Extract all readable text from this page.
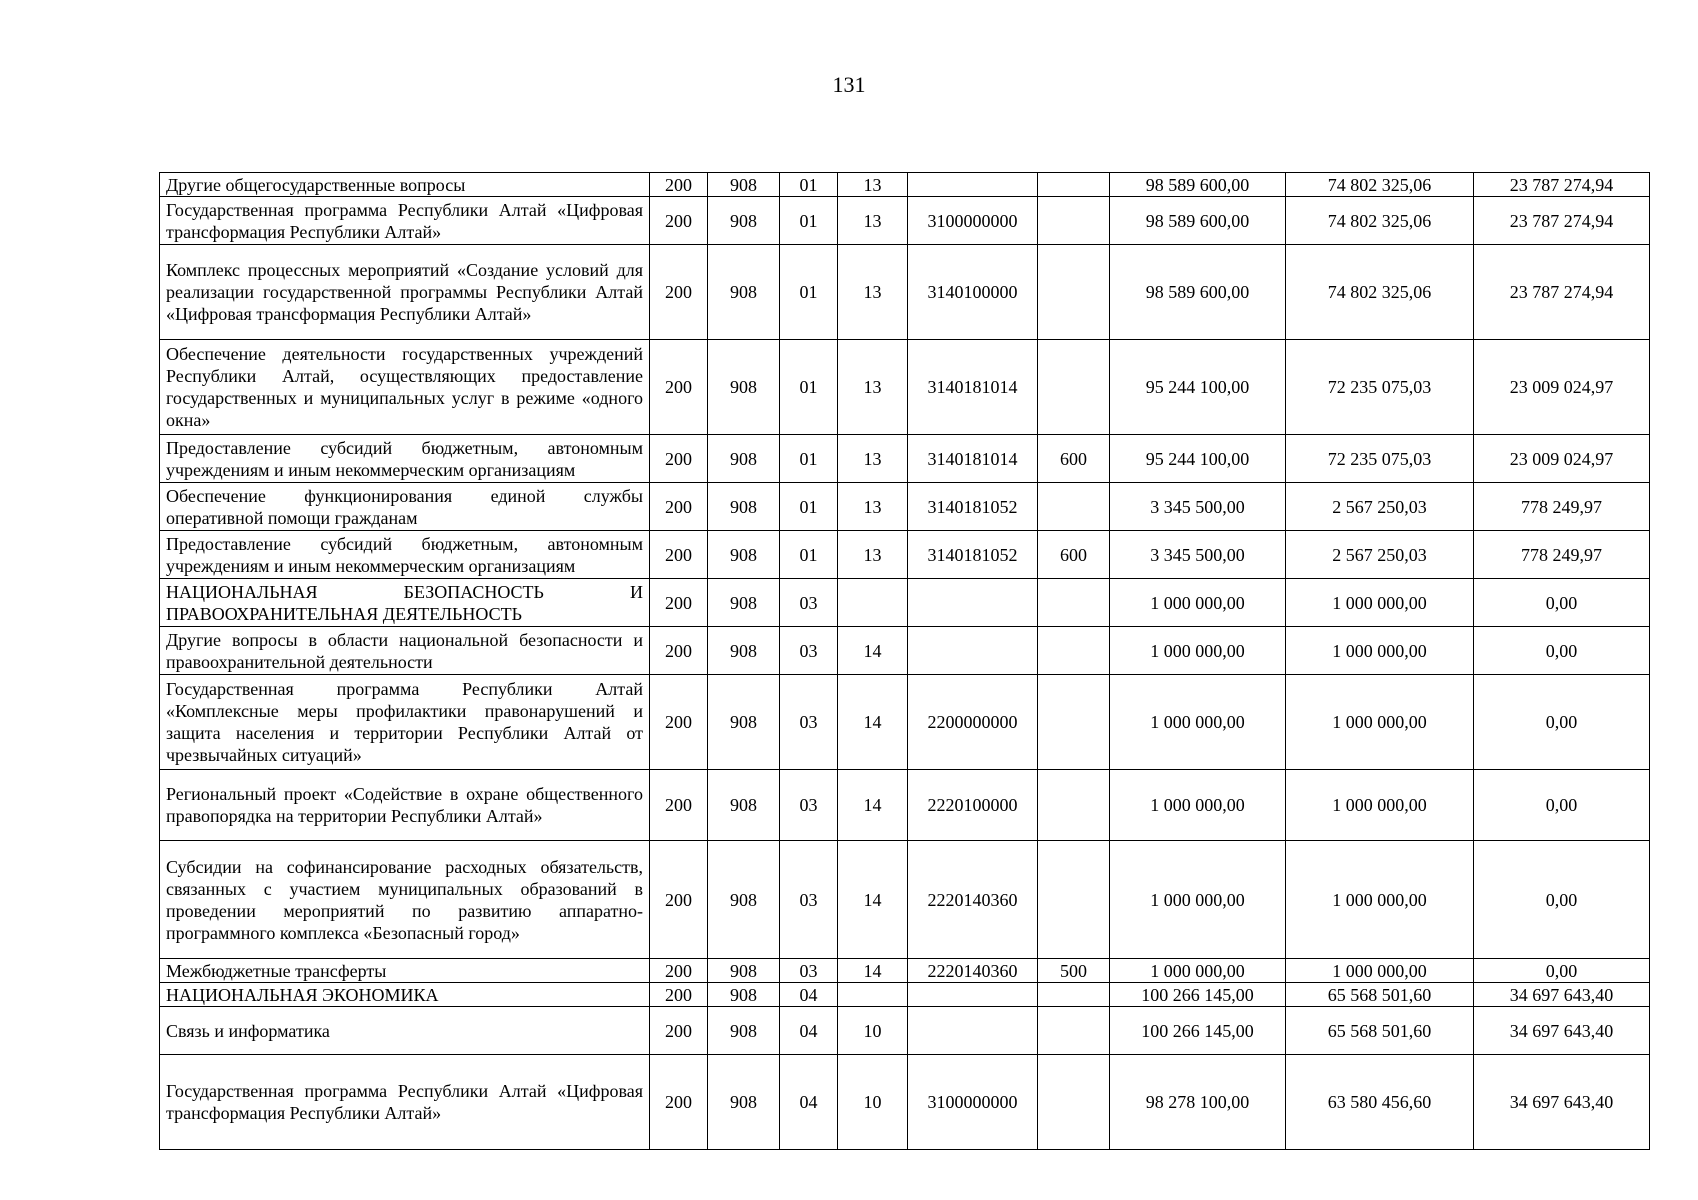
131
Другие общегосударственные вопросы	200	908	01	13			98 589 600,00	74 802 325,06	23 787 274,94
Государственная программа Республики Алтай «Цифровая трансформация Республики Алтай»	200	908	01	13	3100000000		98 589 600,00	74 802 325,06	23 787 274,94
Комплекс процессных мероприятий «Создание условий для реализации государственной программы Республики Алтай «Цифровая трансформация Республики Алтай»	200	908	01	13	3140100000		98 589 600,00	74 802 325,06	23 787 274,94
Обеспечение деятельности государственных учреждений Республики Алтай, осуществляющих предоставление государственных и муниципальных услуг в режиме «одного окна»	200	908	01	13	3140181014		95 244 100,00	72 235 075,03	23 009 024,97
Предоставление субсидий бюджетным, автономным учреждениям и иным некоммерческим организациям	200	908	01	13	3140181014	600	95 244 100,00	72 235 075,03	23 009 024,97
Обеспечение функционирования единой службы оперативной помощи гражданам	200	908	01	13	3140181052		3 345 500,00	2 567 250,03	778 249,97
Предоставление субсидий бюджетным, автономным учреждениям и иным некоммерческим организациям	200	908	01	13	3140181052	600	3 345 500,00	2 567 250,03	778 249,97
НАЦИОНАЛЬНАЯ БЕЗОПАСНОСТЬ И ПРАВООХРАНИТЕЛЬНАЯ ДЕЯТЕЛЬНОСТЬ	200	908	03				1 000 000,00	1 000 000,00	0,00
Другие вопросы в области национальной безопасности и правоохранительной деятельности	200	908	03	14			1 000 000,00	1 000 000,00	0,00
Государственная программа Республики Алтай «Комплексные меры профилактики правонарушений и защита населения и территории Республики Алтай от чрезвычайных ситуаций»	200	908	03	14	2200000000		1 000 000,00	1 000 000,00	0,00
Региональный проект «Содействие в охране общественного правопорядка на территории Республики Алтай»	200	908	03	14	2220100000		1 000 000,00	1 000 000,00	0,00
Субсидии на софинансирование расходных обязательств, связанных с участием муниципальных образований в проведении мероприятий по развитию аппаратно-программного комплекса «Безопасный город»	200	908	03	14	2220140360		1 000 000,00	1 000 000,00	0,00
Межбюджетные трансферты	200	908	03	14	2220140360	500	1 000 000,00	1 000 000,00	0,00
НАЦИОНАЛЬНАЯ ЭКОНОМИКА	200	908	04				100 266 145,00	65 568 501,60	34 697 643,40
Связь и информатика	200	908	04	10			100 266 145,00	65 568 501,60	34 697 643,40
Государственная программа Республики Алтай «Цифровая трансформация Республики Алтай»	200	908	04	10	3100000000		98 278 100,00	63 580 456,60	34 697 643,40
